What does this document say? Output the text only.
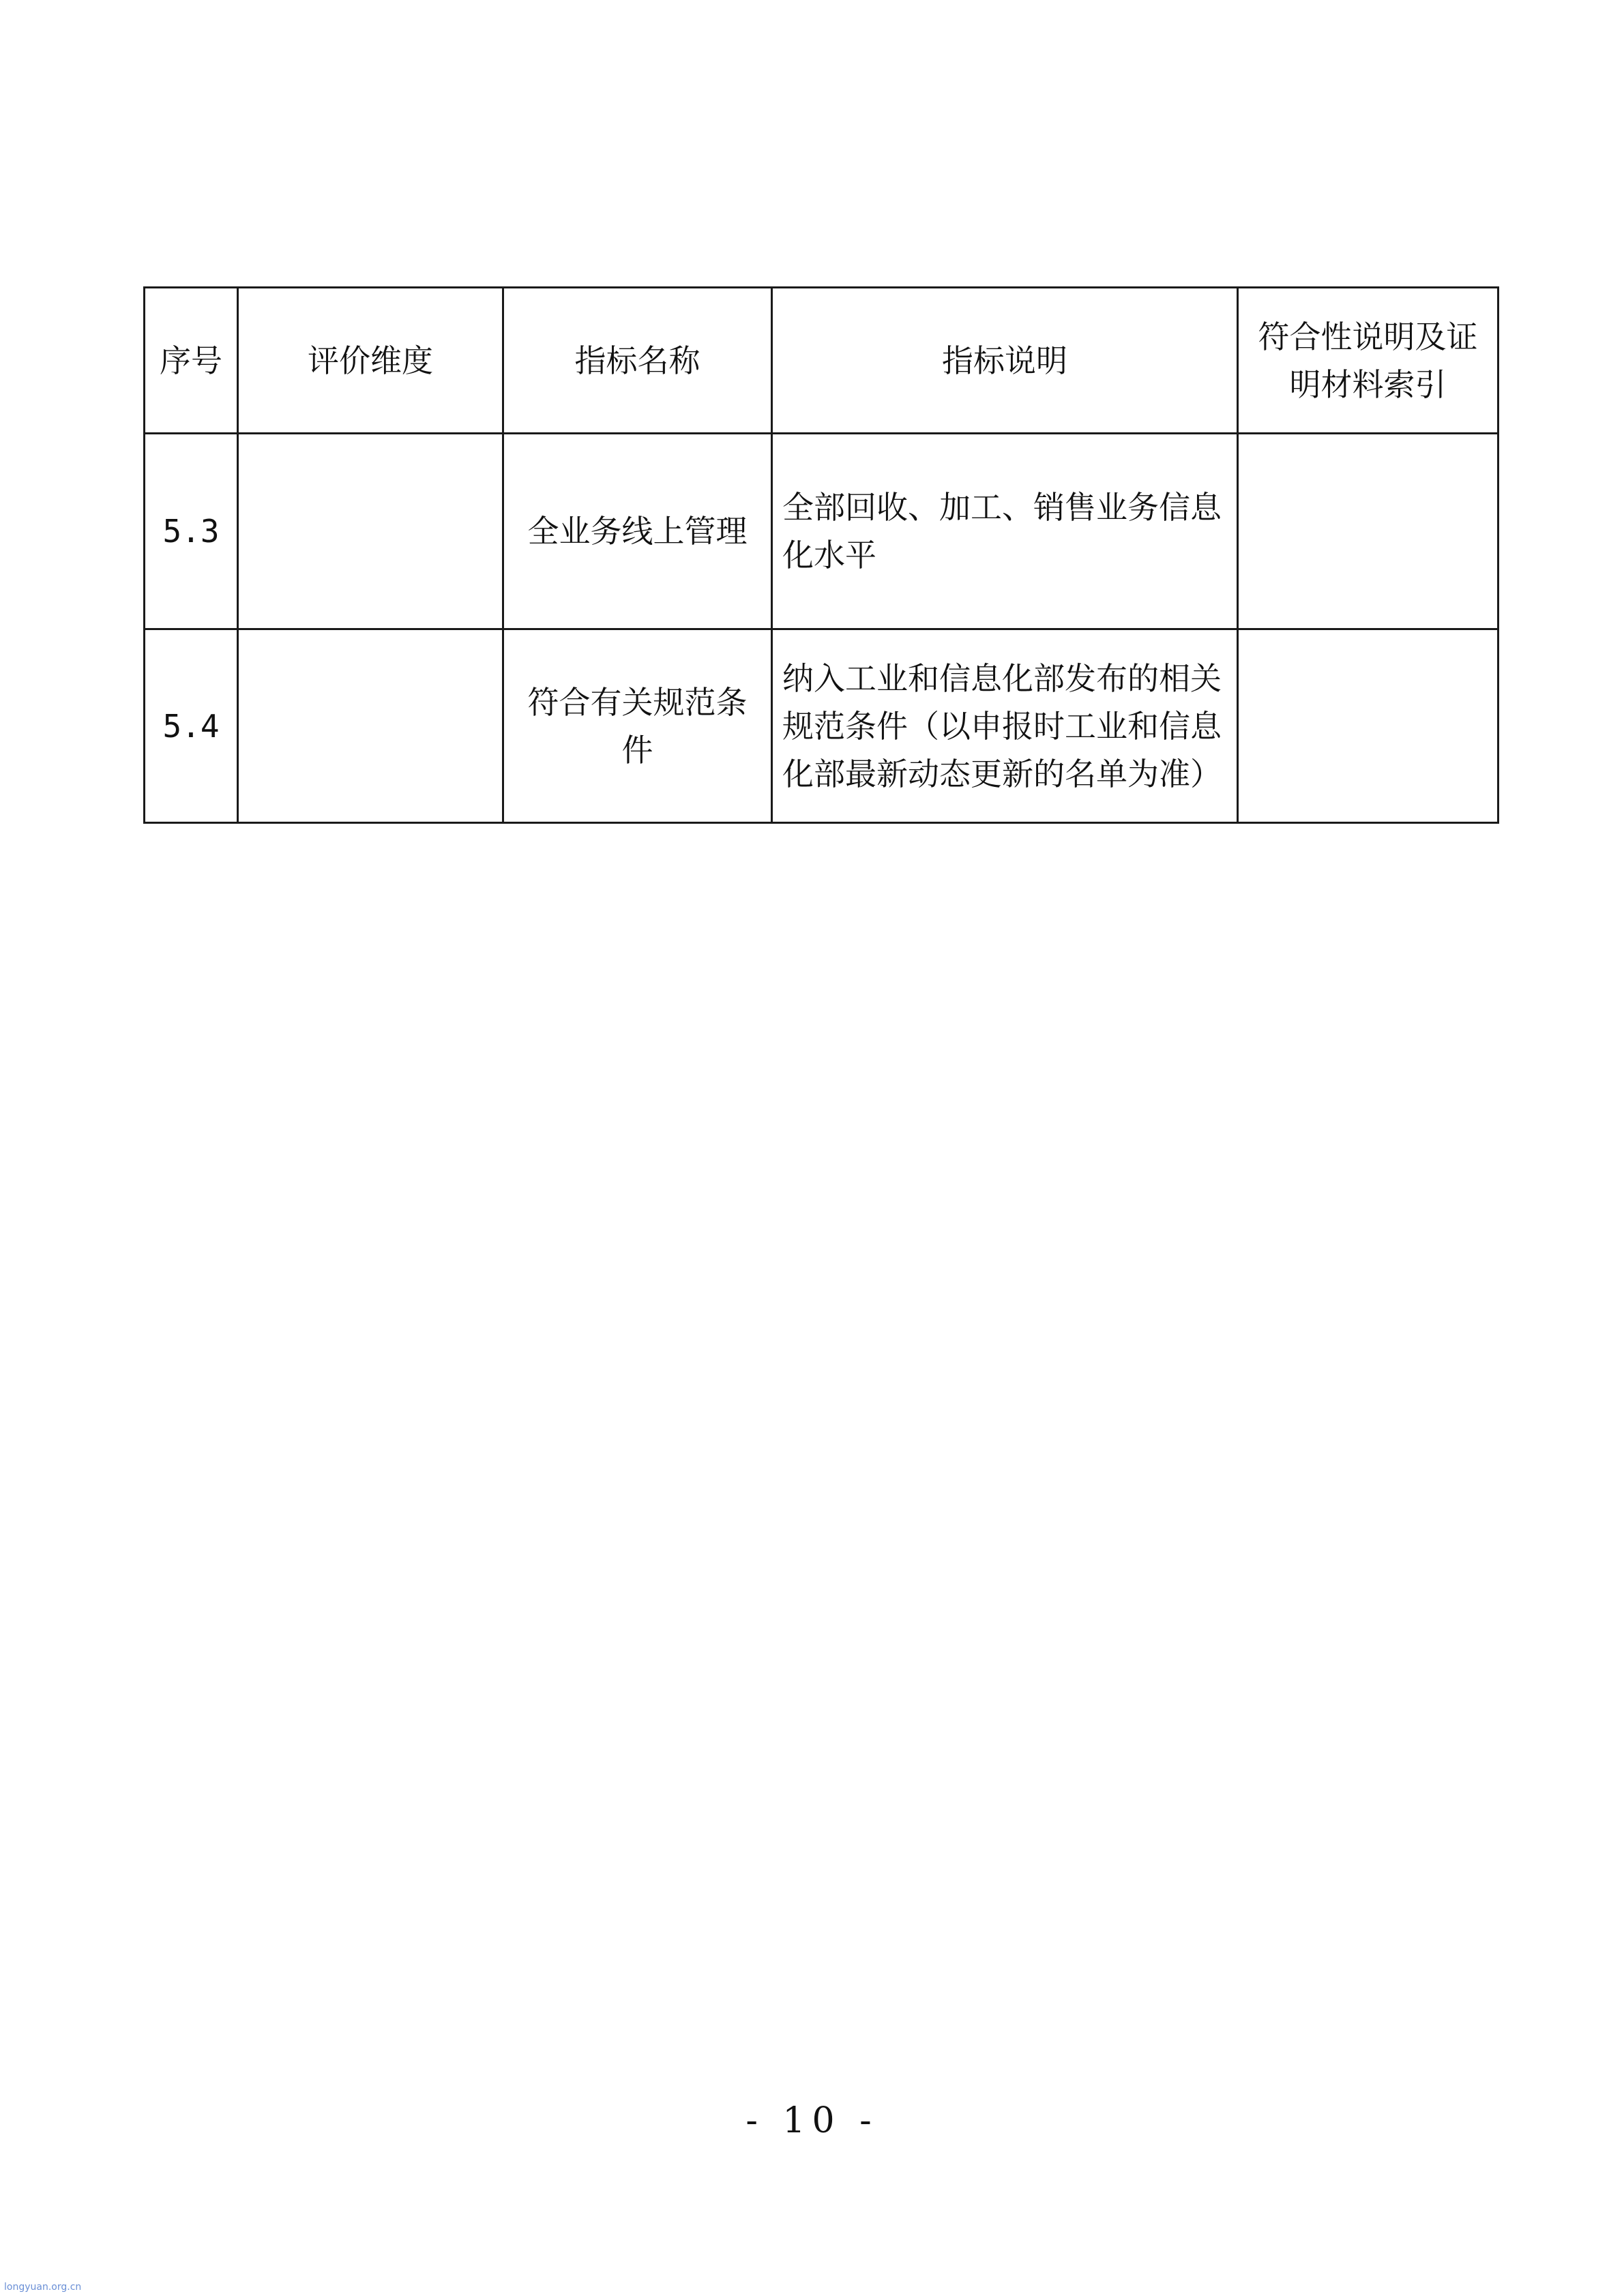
序号	评价维度	指标名称	指标说明	符合性说明及证明材料索引
5.3		全业务线上管理	全部回收、加工、销售业务信息化水平	
5.4		符合有关规范条件	纳入工业和信息化部发布的相关规范条件（以申报时工业和信息化部最新动态更新的名单为准）	
- 10 -
longyuan.org.cn
